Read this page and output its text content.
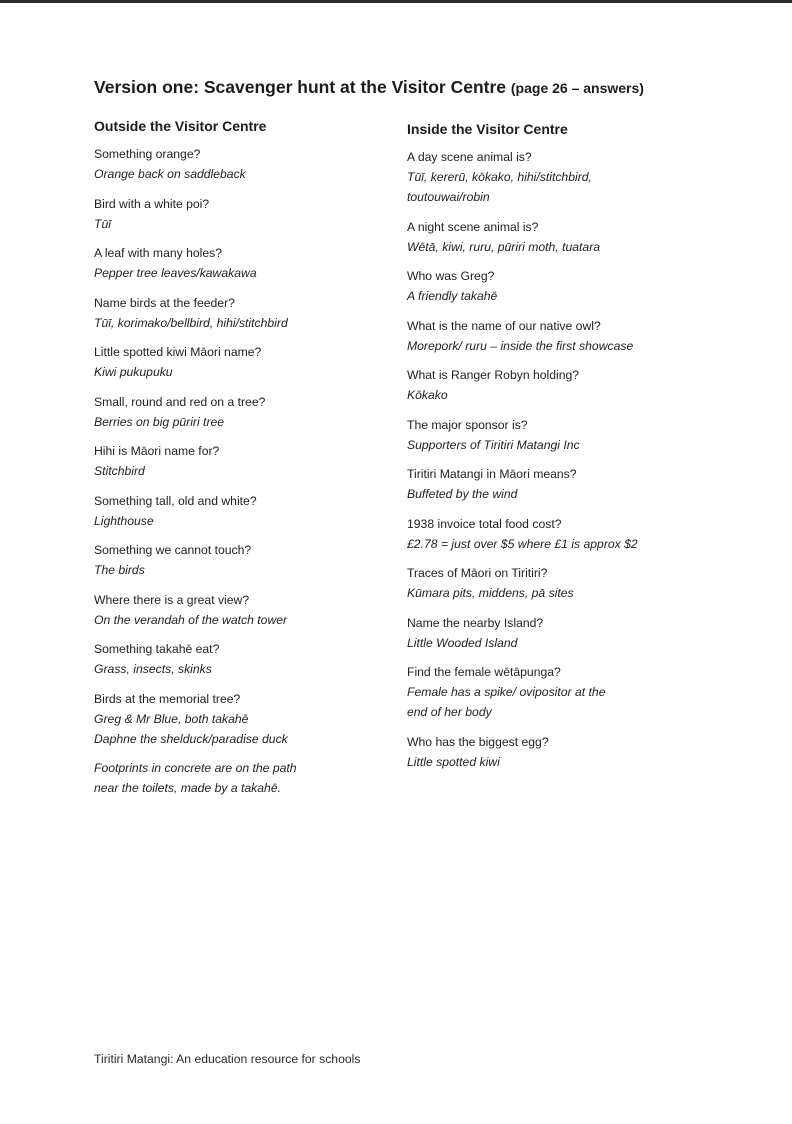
Version one: Scavenger hunt at the Visitor Centre (page 26 – answers)
Outside the Visitor Centre
Something orange?
Orange back on saddleback
Bird with a white poi?
Tūī
A leaf with many holes?
Pepper tree leaves/kawakawa
Name birds at the feeder?
Tūī, korimako/bellbird, hihi/stitchbird
Little spotted kiwi Māori name?
Kiwi pukupuku
Small, round and red on a tree?
Berries on big pūriri tree
Hihi is Māori name for?
Stitchbird
Something tall, old and white?
Lighthouse
Something we cannot touch?
The birds
Where there is a great view?
On the verandah of the watch tower
Something takahē eat?
Grass, insects, skinks
Birds at the memorial tree?
Greg & Mr Blue, both takahē
Daphne the shelduck/paradise duck
Footprints in concrete are on the path
near the toilets, made by a takahē.
Inside the Visitor Centre
A day scene animal is?
Tūī, kererū, kōkako, hihi/stitchbird,
toutouwai/robin
A night scene animal is?
Wētā, kiwi, ruru, pūriri moth, tuatara
Who was Greg?
A friendly takahē
What is the name of our native owl?
Morepork/ ruru – inside the first showcase
What is Ranger Robyn holding?
Kōkako
The major sponsor is?
Supporters of Tiritiri Matangi Inc
Tiritiri Matangi in Māori means?
Buffeted by the wind
1938 invoice total food cost?
£2.78 = just over $5 where £1 is approx $2
Traces of Māori on Tiritiri?
Kūmara pits, middens, pā sites
Name the nearby Island?
Little Wooded Island
Find the female wētāpunga?
Female has a spike/ ovipositor at the
end of her body
Who has the biggest egg?
Little spotted kiwi
Tiritiri Matangi: An education resource for schools
